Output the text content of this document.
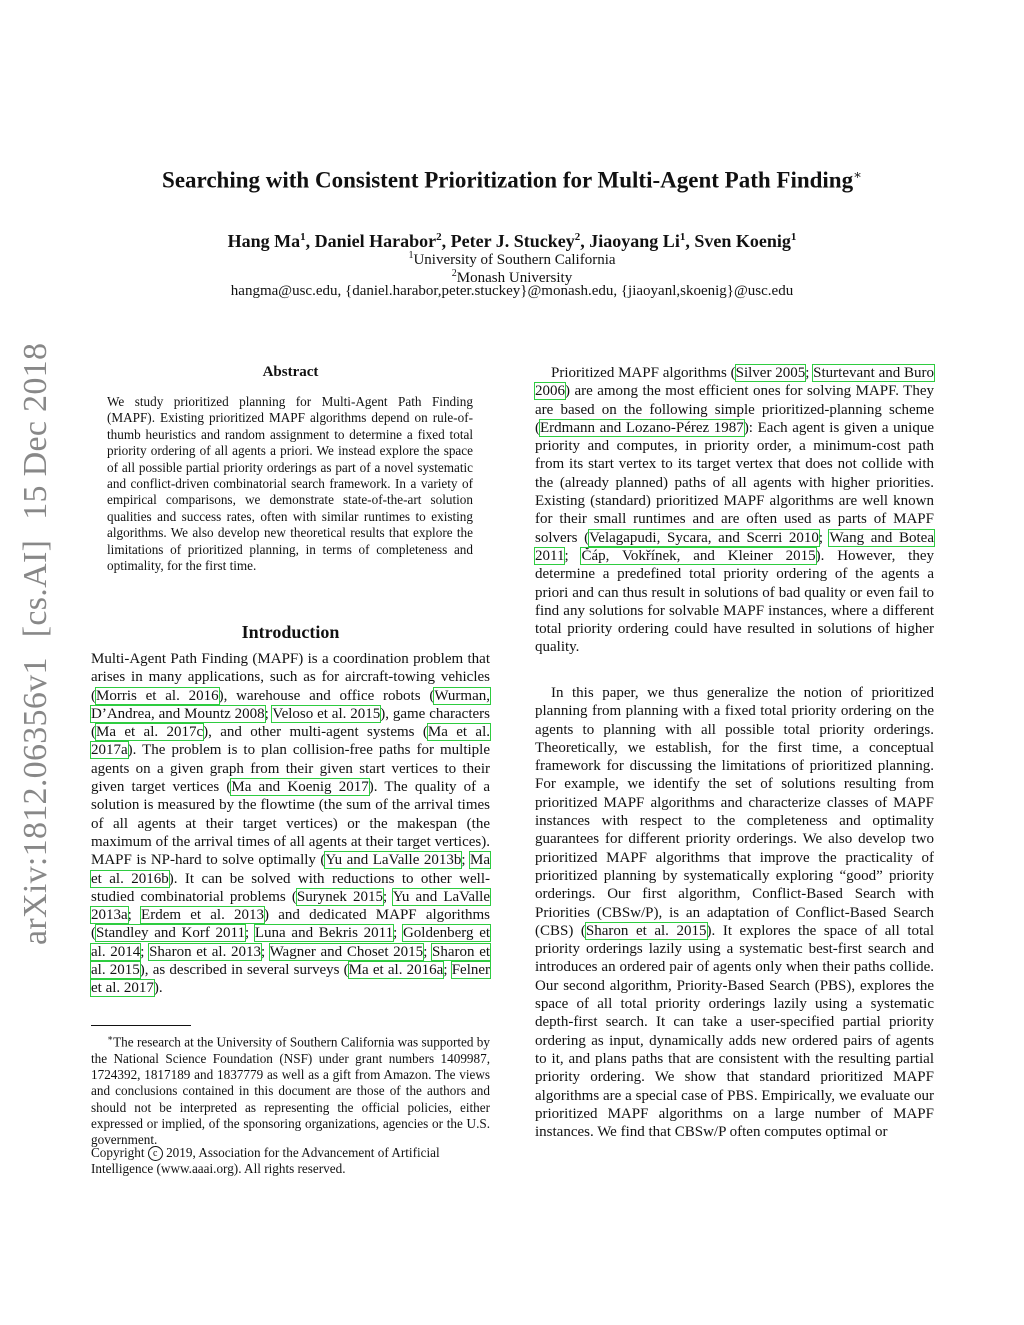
arXiv:1812.06356v1[cs.AI]15 Dec 2018
Searching with Consistent Prioritization for Multi-Agent Path Finding∗
Hang Ma$^1$, Daniel Harabor$^2$, Peter J. Stuckey$^2$, Jiaoyang Li$^1$, Sven Koenig$^1$
$^1$University of Southern California
$^2$Monash University
hangma@usc.edu, {daniel.harabor,peter.stuckey}@monash.edu, {jiaoyanl,skoenig}@usc.edu
Abstract
We study prioritized planning for Multi-Agent Path Finding (MAPF). Existing prioritized MAPF algorithms depend on rule-of-thumb heuristics and random assignment to determine a fixed total priority ordering of all agents a priori. We instead explore the space of all possible partial priority orderings as part of a novel systematic and conflict-driven combinatorial search framework. In a variety of empirical comparisons, we demonstrate state-of-the-art solution qualities and success rates, often with similar runtimes to existing algorithms. We also develop new theoretical results that explore the limitations of prioritized planning, in terms of completeness and optimality, for the first time.
Introduction

Multi-Agent Path Finding (MAPF) is a coordination problem that arises in many applications, such as for aircraft-towing vehicles (Morris et al. 2016), warehouse and office robots (Wurman, D’Andrea, and Mountz 2008; Veloso et al. 2015), game characters (Ma et al. 2017c), and other multi-agent systems (Ma et al. 2017a). The problem is to plan collision-free paths for multiple agents on a given graph from their given start vertices to their given target vertices (Ma and Koenig 2017). The quality of a solution is measured by the flowtime (the sum of the arrival times of all agents at their target vertices) or the makespan (the maximum of the arrival times of all agents at their target vertices). MAPF is NP-hard to solve optimally (Yu and LaValle 2013b; Ma et al. 2016b). It can be solved with reductions to other well-studied combinatorial problems (Surynek 2015; Yu and LaValle 2013a; Erdem et al. 2013) and dedicated MAPF algorithms (Standley and Korf 2011; Luna and Bekris 2011; Goldenberg et al. 2014; Sharon et al. 2013; Wagner and Choset 2015; Sharon et al. 2015), as described in several surveys (Ma et al. 2016a; Felner et al. 2017).

∗The research at the University of Southern California was supported by the National Science Foundation (NSF) under grant numbers 1409987, 1724392, 1817189 and 1837779 as well as a gift from Amazon. The views and conclusions contained in this document are those of the authors and should not be interpreted as representing the official policies, either expressed or implied, of the sponsoring organizations, agencies or the U.S. government.
Copyright c 2019, Association for the Advancement of Artificial Intelligence (www.aaai.org). All rights reserved.

Prioritized MAPF algorithms (Silver 2005; Sturtevant and Buro 2006) are among the most efficient ones for solving MAPF. They are based on the following simple prioritized-planning scheme (Erdmann and Lozano-Pérez 1987): Each agent is given a unique priority and computes, in priority order, a minimum-cost path from its start vertex to its target vertex that does not collide with the (already planned) paths of all agents with higher priorities. Existing (standard) prioritized MAPF algorithms are well known for their small runtimes and are often used as parts of MAPF solvers (Velagapudi, Sycara, and Scerri 2010; Wang and Botea 2011; Čáp, Vokřínek, and Kleiner 2015). However, they determine a predefined total priority ordering of the agents a priori and can thus result in solutions of bad quality or even fail to find any solutions for solvable MAPF instances, where a different total priority ordering could have resulted in solutions of higher quality.

In this paper, we thus generalize the notion of prioritized planning from planning with a fixed total priority ordering on the agents to planning with all possible total priority orderings. Theoretically, we establish, for the first time, a conceptual framework for discussing the limitations of prioritized planning. For example, we identify the set of solutions resulting from prioritized MAPF algorithms and characterize classes of MAPF instances with respect to the completeness and optimality guarantees for different priority orderings. We also develop two prioritized MAPF algorithms that improve the practicality of prioritized planning by systematically exploring “good” priority orderings. Our first algorithm, Conflict-Based Search with Priorities (CBSw/P), is an adaptation of Conflict-Based Search (CBS) (Sharon et al. 2015). It explores the space of all total priority orderings lazily using a systematic best-first search and introduces an ordered pair of agents only when their paths collide. Our second algorithm, Priority-Based Search (PBS), explores the space of all total priority orderings lazily using a systematic depth-first search. It can take a user-specified partial priority ordering as input, dynamically adds new ordered pairs of agents to it, and plans paths that are consistent with the resulting partial priority ordering. We show that standard prioritized MAPF algorithms are a special case of PBS. Empirically, we evaluate our prioritized MAPF algorithms on a large number of MAPF instances. We find that CBSw/P often computes optimal or
